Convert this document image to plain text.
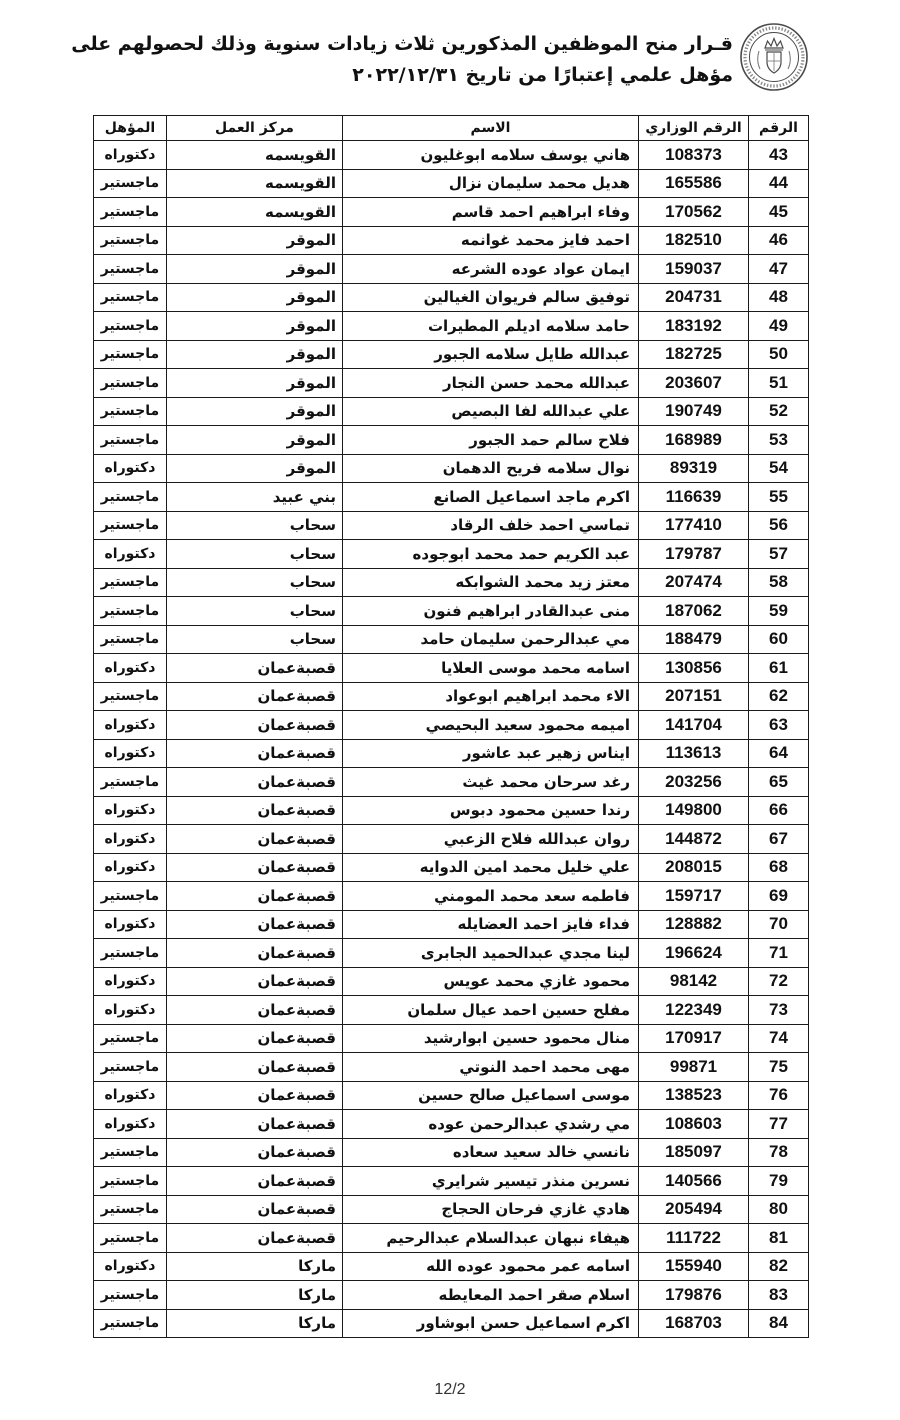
قـرار منح الموظفين المذكورين ثلاث زيادات سنوية وذلك لحصولهم على
مؤهل علمي إعتبارًا من تاريخ ٢٠٢٢/١٢/٣١
الرقم	الرقم الوزاري	الاسم	مركز العمل	المؤهل
43	108373	هاني يوسف سلامه ابوغليون	القويسمه	دكتوراه
44	165586	هديل محمد سليمان نزال	القويسمه	ماجستير
45	170562	وفاء ابراهيم احمد قاسم	القويسمه	ماجستير
46	182510	احمد فايز محمد غوانمه	الموقر	ماجستير
47	159037	ايمان عواد عوده الشرعه	الموقر	ماجستير
48	204731	توفيق سالم فريوان الغيالين	الموقر	ماجستير
49	183192	حامد سلامه اديلم المطيرات	الموقر	ماجستير
50	182725	عبدالله طايل سلامه الجبور	الموقر	ماجستير
51	203607	عبدالله محمد حسن النجار	الموقر	ماجستير
52	190749	علي عبدالله لفا البصيص	الموقر	ماجستير
53	168989	فلاح سالم حمد الجبور	الموقر	ماجستير
54	89319	نوال سلامه فريح الدهمان	الموقر	دكتوراه
55	116639	اكرم ماجد اسماعيل الصانع	بني عبيد	ماجستير
56	177410	تماسي احمد خلف الرقاد	سحاب	ماجستير
57	179787	عبد الكريم حمد محمد ابوجوده	سحاب	دكتوراه
58	207474	معتز زيد محمد الشوابكه	سحاب	ماجستير
59	187062	منى عبدالقادر ابراهيم فنون	سحاب	ماجستير
60	188479	مي عبدالرحمن سليمان حامد	سحاب	ماجستير
61	130856	اسامه محمد موسى العلايا	قصبةعمان	دكتوراه
62	207151	الاء محمد ابراهيم ابوعواد	قصبةعمان	ماجستير
63	141704	اميمه محمود سعيد البحيصي	قصبةعمان	دكتوراه
64	113613	ايناس زهير عبد عاشور	قصبةعمان	دكتوراه
65	203256	رغد سرحان محمد غيث	قصبةعمان	ماجستير
66	149800	رندا حسين محمود دبوس	قصبةعمان	دكتوراه
67	144872	روان عبدالله فلاح الزعبي	قصبةعمان	دكتوراه
68	208015	علي خليل محمد امين الدوايه	قصبةعمان	دكتوراه
69	159717	فاطمه سعد محمد المومني	قصبةعمان	ماجستير
70	128882	فداء فايز احمد العضايله	قصبةعمان	دكتوراه
71	196624	لينا مجدي عبدالحميد الجابرى	قصبةعمان	ماجستير
72	98142	محمود غازي محمد عويس	قصبةعمان	دكتوراه
73	122349	مفلح حسين احمد عيال سلمان	قصبةعمان	دكتوراه
74	170917	منال محمود حسين ابوارشيد	قصبةعمان	ماجستير
75	99871	مهى محمد احمد النوتي	قصبةعمان	ماجستير
76	138523	موسى اسماعيل صالح حسين	قصبةعمان	دكتوراه
77	108603	مي رشدي عبدالرحمن عوده	قصبةعمان	دكتوراه
78	185097	نانسي خالد سعيد سعاده	قصبةعمان	ماجستير
79	140566	نسرين منذر تيسير شرايري	قصبةعمان	ماجستير
80	205494	هادي غازي فرحان الحجاج	قصبةعمان	ماجستير
81	111722	هيفاء نبهان عبدالسلام عبدالرحيم	قصبةعمان	ماجستير
82	155940	اسامه عمر محمود عوده الله	ماركا	دكتوراه
83	179876	اسلام صقر احمد المعايطه	ماركا	ماجستير
84	168703	اكرم اسماعيل حسن ابوشاور	ماركا	ماجستير
12/2
